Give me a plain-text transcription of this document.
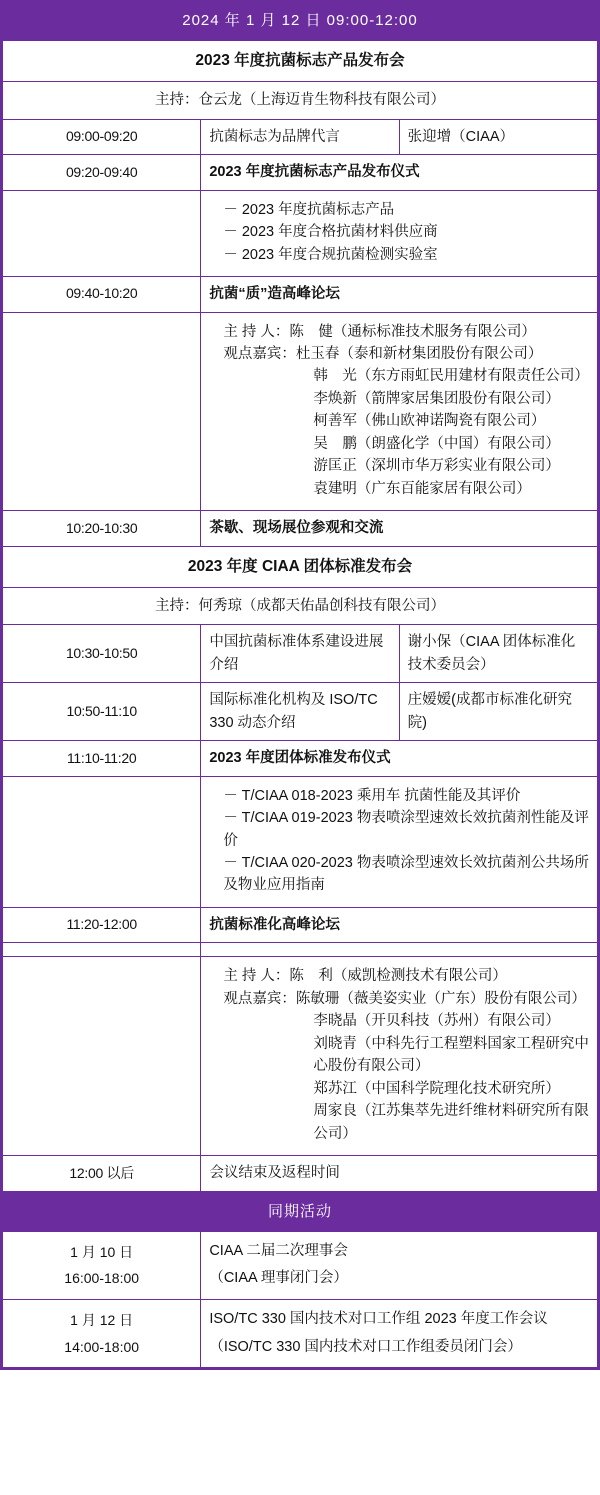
2024 年 1 月 12 日 09:00-12:00		
2023 年度抗菌标志产品发布会		
主持：仓云龙（上海迈肯生物科技有限公司）		
09:00-09:20	抗菌标志为品牌代言	张迎增（CIAA）
09:20-09:40	2023 年度抗菌标志产品发布仪式	

	－ 2023 年度抗菌标志产品
－ 2023 年度合格抗菌材料供应商
－ 2023 年度合规抗菌检测实验室	

09:40-10:20	抗菌“质”造高峰论坛	

主 持 人：陈　健（通标标准技术服务有限公司）
观点嘉宾： 杜玉春（泰和新材集团股份有限公司）
韩　光（东方雨虹民用建材有限责任公司）
李焕新（箭牌家居集团股份有限公司）
柯善军（佛山欧神诺陶瓷有限公司）
吴　鹏（朗盛化学（中国）有限公司）
游匡正（深圳市华万彩实业有限公司）
袁建明（广东百能家居有限公司）

10:20-10:30	茶歇、现场展位参观和交流	
2023 年度 CIAA 团体标准发布会		
主持：何秀琼（成都天佑晶创科技有限公司）		
10:30-10:50	中国抗菌标准体系建设进展介绍	谢小保（CIAA 团体标准化技术委员会）
10:50-11:10	国际标准化机构及 ISO/TC 330 动态介绍	庄嫒嫒(成都市标准化研究院)
11:10-11:20	2023 年度团体标准发布仪式	

	－ T/CIAA 018-2023 乘用车 抗菌性能及其评价
－ T/CIAA 019-2023 物表喷涂型速效长效抗菌剂性能及评价
－ T/CIAA 020-2023 物表喷涂型速效长效抗菌剂公共场所及物业应用指南	

11:20-12:00	抗菌标准化高峰论坛	

主 持 人：陈　利（威凯检测技术有限公司）
观点嘉宾： 陈敏珊（薇美姿实业（广东）股份有限公司）
李晓晶（开贝科技（苏州）有限公司）
刘晓青（中科先行工程塑料国家工程研究中心股份有限公司）
郑苏江（中国科学院理化技术研究所）
周家良（江苏集萃先进纤维材料研究所有限公司）

12:00 以后	会议结束及返程时间	
同期活动		

1 月 10 日
16:00-18:00	CIAA 二届二次理事会
（CIAA 理事闭门会）	

1 月 12 日
14:00-18:00	ISO/TC 330 国内技术对口工作组 2023 年度工作会议
（ISO/TC 330 国内技术对口工作组委员闭门会）	
